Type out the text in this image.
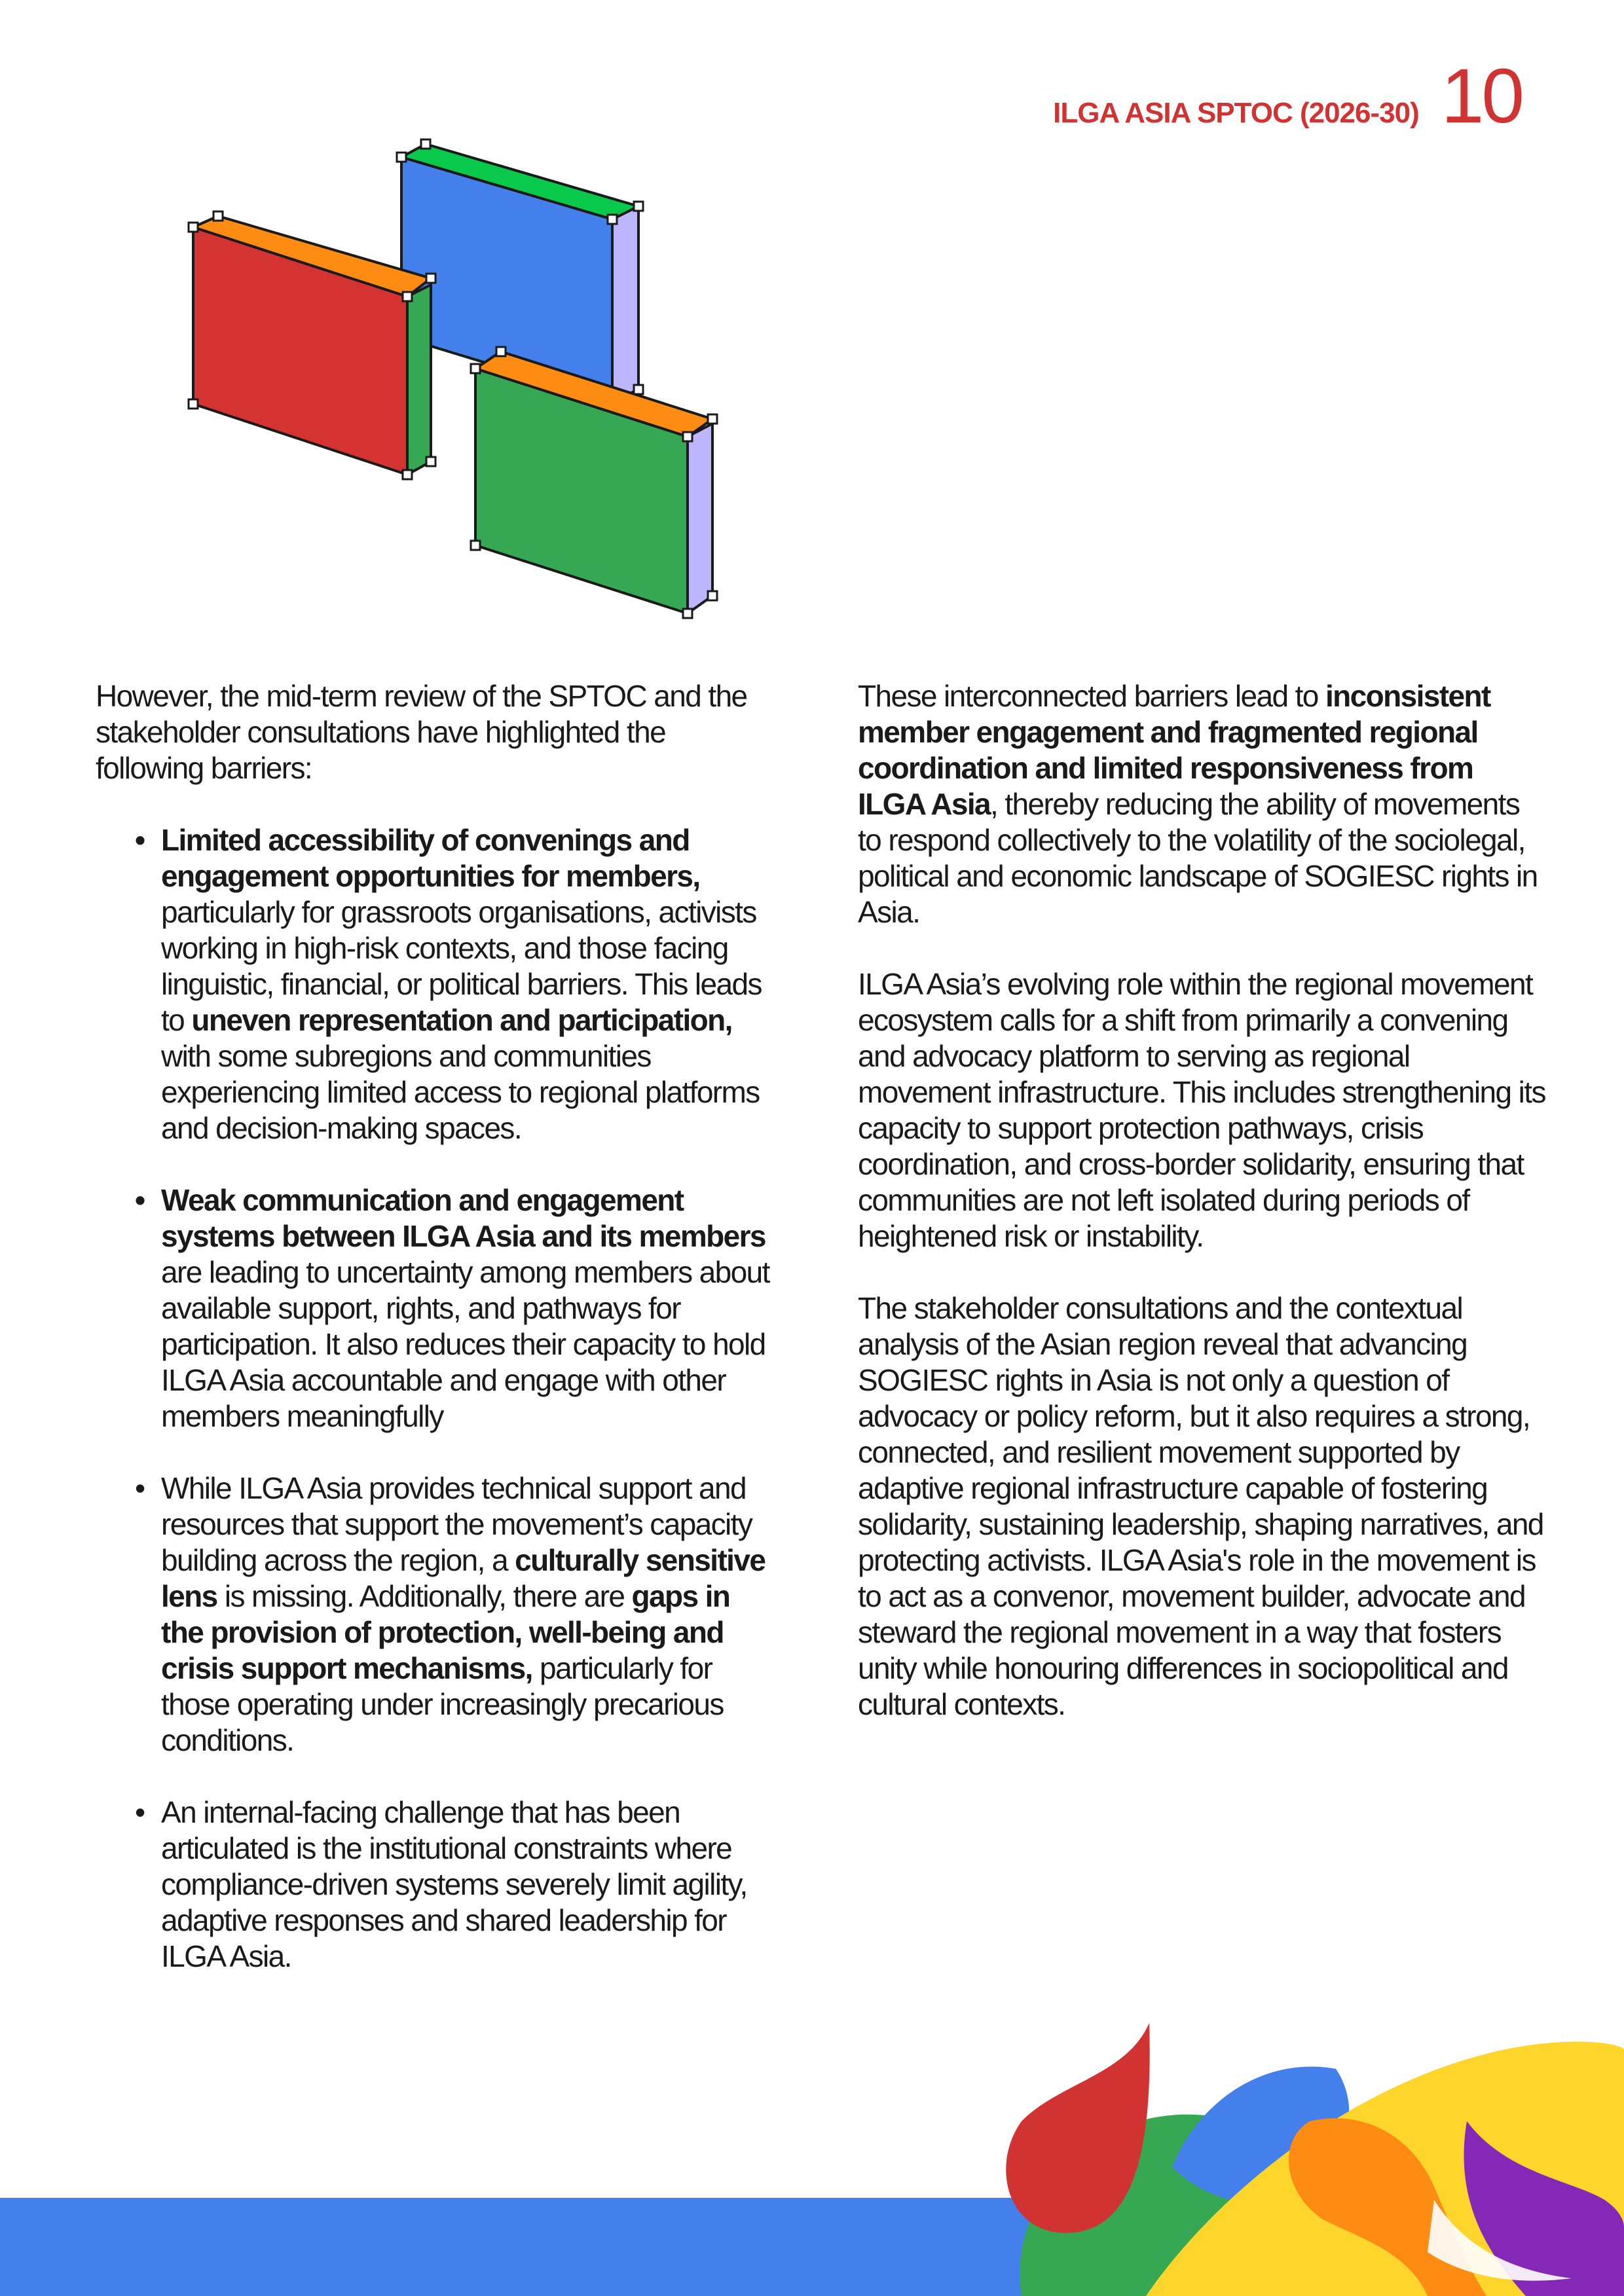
ILGA ASIA SPTOC (2026-30) 10

However, the mid-term review of the SPTOC and the stakeholder consultations have highlighted the following barriers:

• Limited accessibility of convenings and engagement opportunities for members, particularly for grassroots organisations, activists working in high-risk contexts, and those facing linguistic, financial, or political barriers. This leads to uneven representation and participation, with some subregions and communities experiencing limited access to regional platforms and decision-making spaces.
• Weak communication and engagement systems between ILGA Asia and its members are leading to uncertainty among members about available support, rights, and pathways for participation. It also reduces their capacity to hold ILGA Asia accountable and engage with other members meaningfully
• While ILGA Asia provides technical support and resources that support the movement’s capacity building across the region, a culturally sensitive lens is missing. Additionally, there are gaps in the provision of protection, well-being and crisis support mechanisms, particularly for those operating under increasingly precarious conditions.
• An internal-facing challenge that has been articulated is the institutional constraints where compliance-driven systems severely limit agility, adaptive responses and shared leadership for ILGA Asia.

These interconnected barriers lead to inconsistent member engagement and fragmented regional coordination and limited responsiveness from ILGA Asia, thereby reducing the ability of movements to respond collectively to the volatility of the sociolegal, political and economic landscape of SOGIESC rights in Asia.

ILGA Asia’s evolving role within the regional movement ecosystem calls for a shift from primarily a convening and advocacy platform to serving as regional movement infrastructure. This includes strengthening its capacity to support protection pathways, crisis coordination, and cross-border solidarity, ensuring that communities are not left isolated during periods of heightened risk or instability.

The stakeholder consultations and the contextual analysis of the Asian region reveal that advancing SOGIESC rights in Asia is not only a question of advocacy or policy reform, but it also requires a strong, connected, and resilient movement supported by adaptive regional infrastructure capable of fostering solidarity, sustaining leadership, shaping narratives, and protecting activists. ILGA Asia's role in the movement is to act as a convenor, movement builder, advocate and steward the regional movement in a way that fosters unity while honouring differences in sociopolitical and cultural contexts.
